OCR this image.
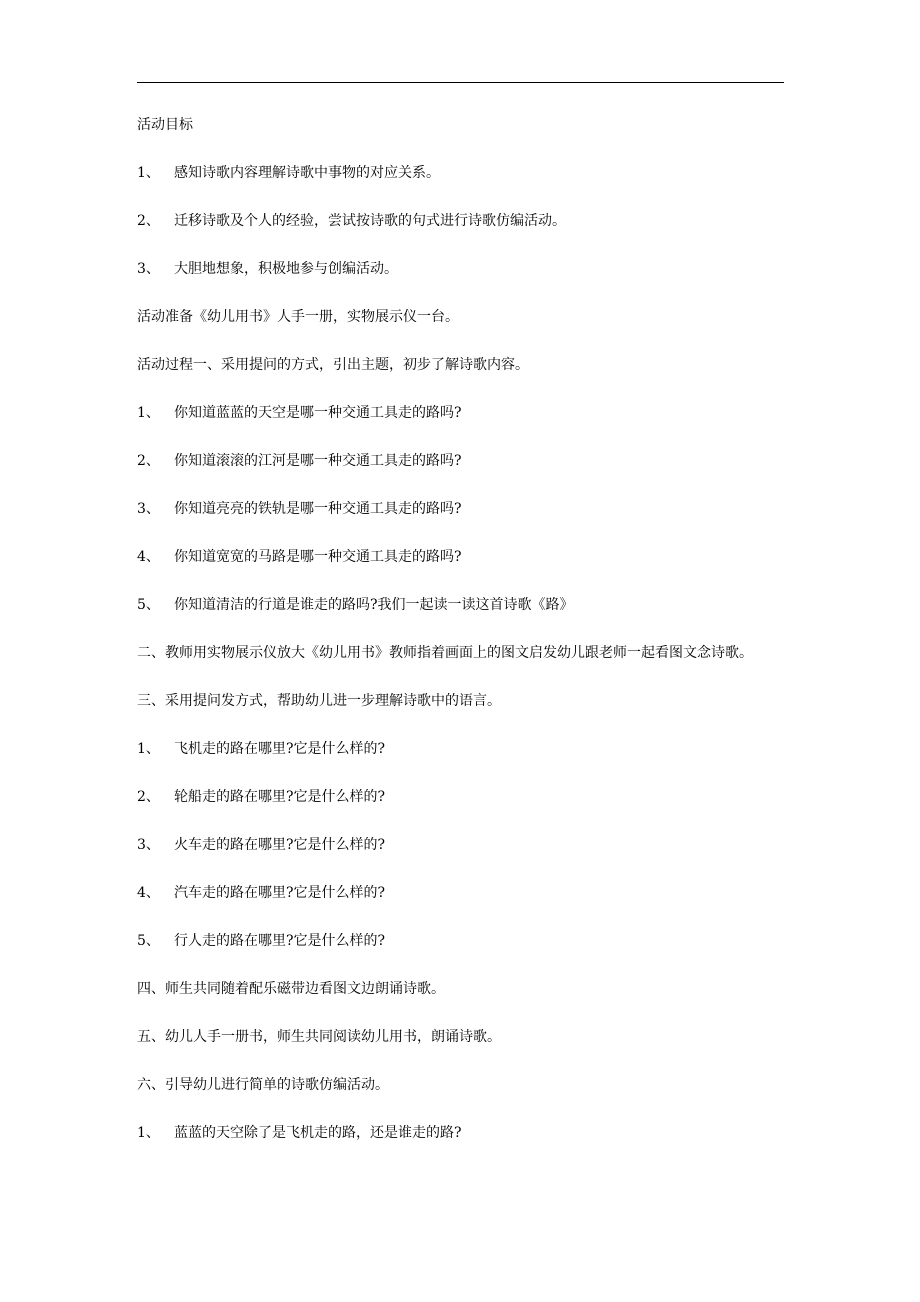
活动目标

1、	感知诗歌内容理解诗歌中事物的对应关系。

2、	迁移诗歌及个人的经验，尝试按诗歌的句式进行诗歌仿编活动。

3、	大胆地想象，积极地参与创编活动。

活动准备《幼儿用书》人手一册，实物展示仪一台。

活动过程一、采用提问的方式，引出主题，初步了解诗歌内容。

1、	你知道蓝蓝的天空是哪一种交通工具走的路吗?

2、	你知道滚滚的江河是哪一种交通工具走的路吗?

3、	你知道亮亮的铁轨是哪一种交通工具走的路吗?

4、	你知道宽宽的马路是哪一种交通工具走的路吗?

5、	你知道清洁的行道是谁走的路吗?我们一起读一读这首诗歌《路》

二、教师用实物展示仪放大《幼儿用书》教师指着画面上的图文启发幼儿跟老师一起看图文念诗歌。

三、采用提问发方式，帮助幼儿进一步理解诗歌中的语言。

1、	飞机走的路在哪里?它是什么样的?

2、	轮船走的路在哪里?它是什么样的?

3、	火车走的路在哪里?它是什么样的?

4、	汽车走的路在哪里?它是什么样的?

5、	行人走的路在哪里?它是什么样的?

四、师生共同随着配乐磁带边看图文边朗诵诗歌。

五、幼儿人手一册书，师生共同阅读幼儿用书，朗诵诗歌。

六、引导幼儿进行简单的诗歌仿编活动。

1、	蓝蓝的天空除了是飞机走的路，还是谁走的路?
